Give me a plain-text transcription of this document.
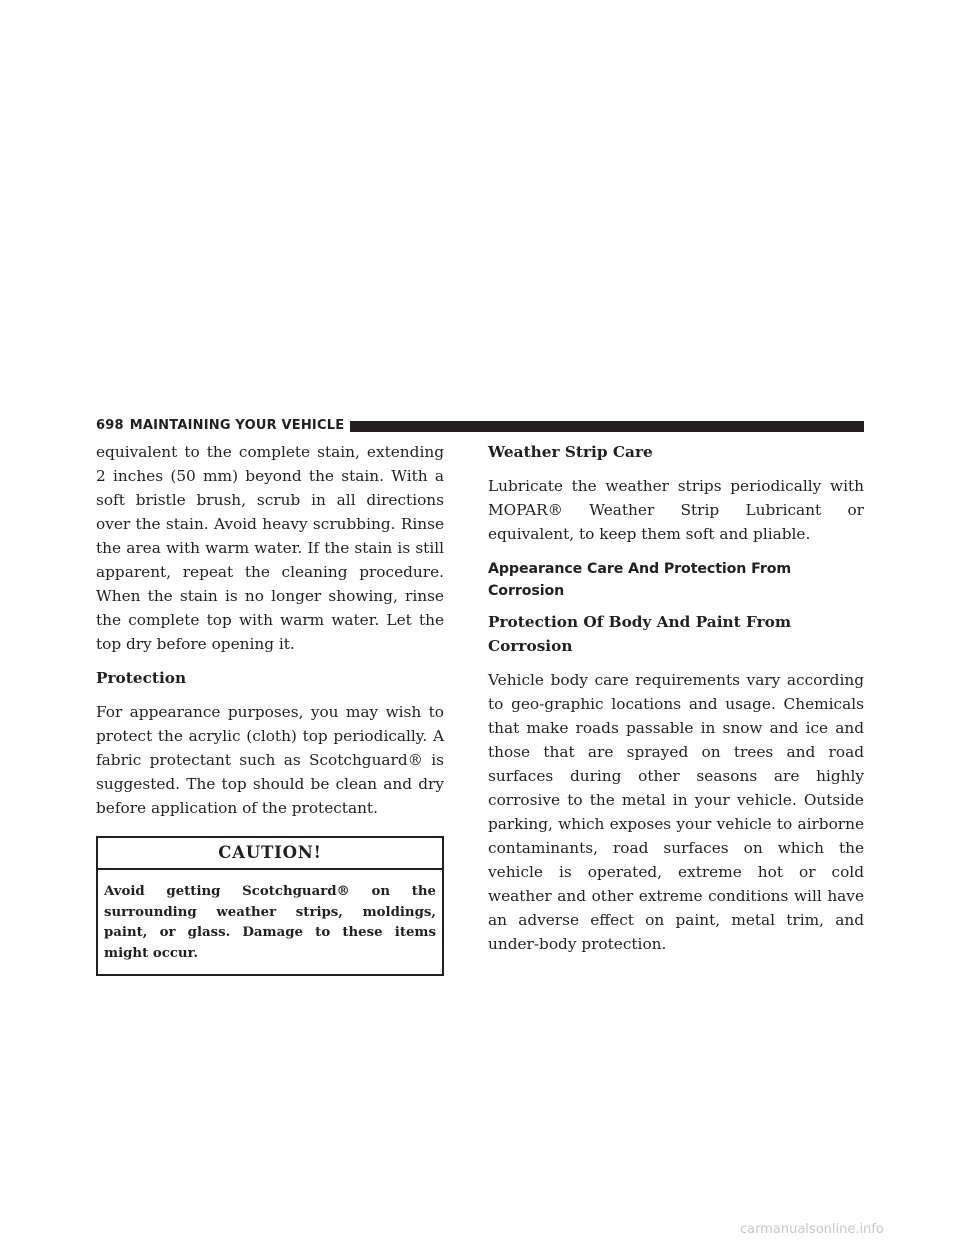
698 MAINTAINING YOUR VEHICLE

equivalent to the complete stain, extending 2 inches (50 mm) beyond the stain. With a soft bristle brush, scrub in all directions over the stain. Avoid heavy scrubbing. Rinse the area with warm water. If the stain is still apparent, repeat the cleaning procedure. When the stain is no longer showing, rinse the complete top with warm water. Let the top dry before opening it.

Protection

For appearance purposes, you may wish to protect the acrylic (cloth) top periodically. A fabric protectant such as Scotchguard® is suggested. The top should be clean and dry before application of the protectant.

CAUTION!
Avoid getting Scotchguard® on the surrounding weather strips, moldings, paint, or glass. Damage to these items might occur.
Weather Strip Care

Lubricate the weather strips periodically with MOPAR® Weather Strip Lubricant or equivalent, to keep them soft and pliable.

Appearance Care And Protection From Corrosion
Protection Of Body And Paint From Corrosion

Vehicle body care requirements vary according to geo-graphic locations and usage. Chemicals that make roads passable in snow and ice and those that are sprayed on trees and road surfaces during other seasons are highly corrosive to the metal in your vehicle. Outside parking, which exposes your vehicle to airborne contaminants, road surfaces on which the vehicle is operated, extreme hot or cold weather and other extreme conditions will have an adverse effect on paint, metal trim, and under-body protection.

carmanualsonline.info
